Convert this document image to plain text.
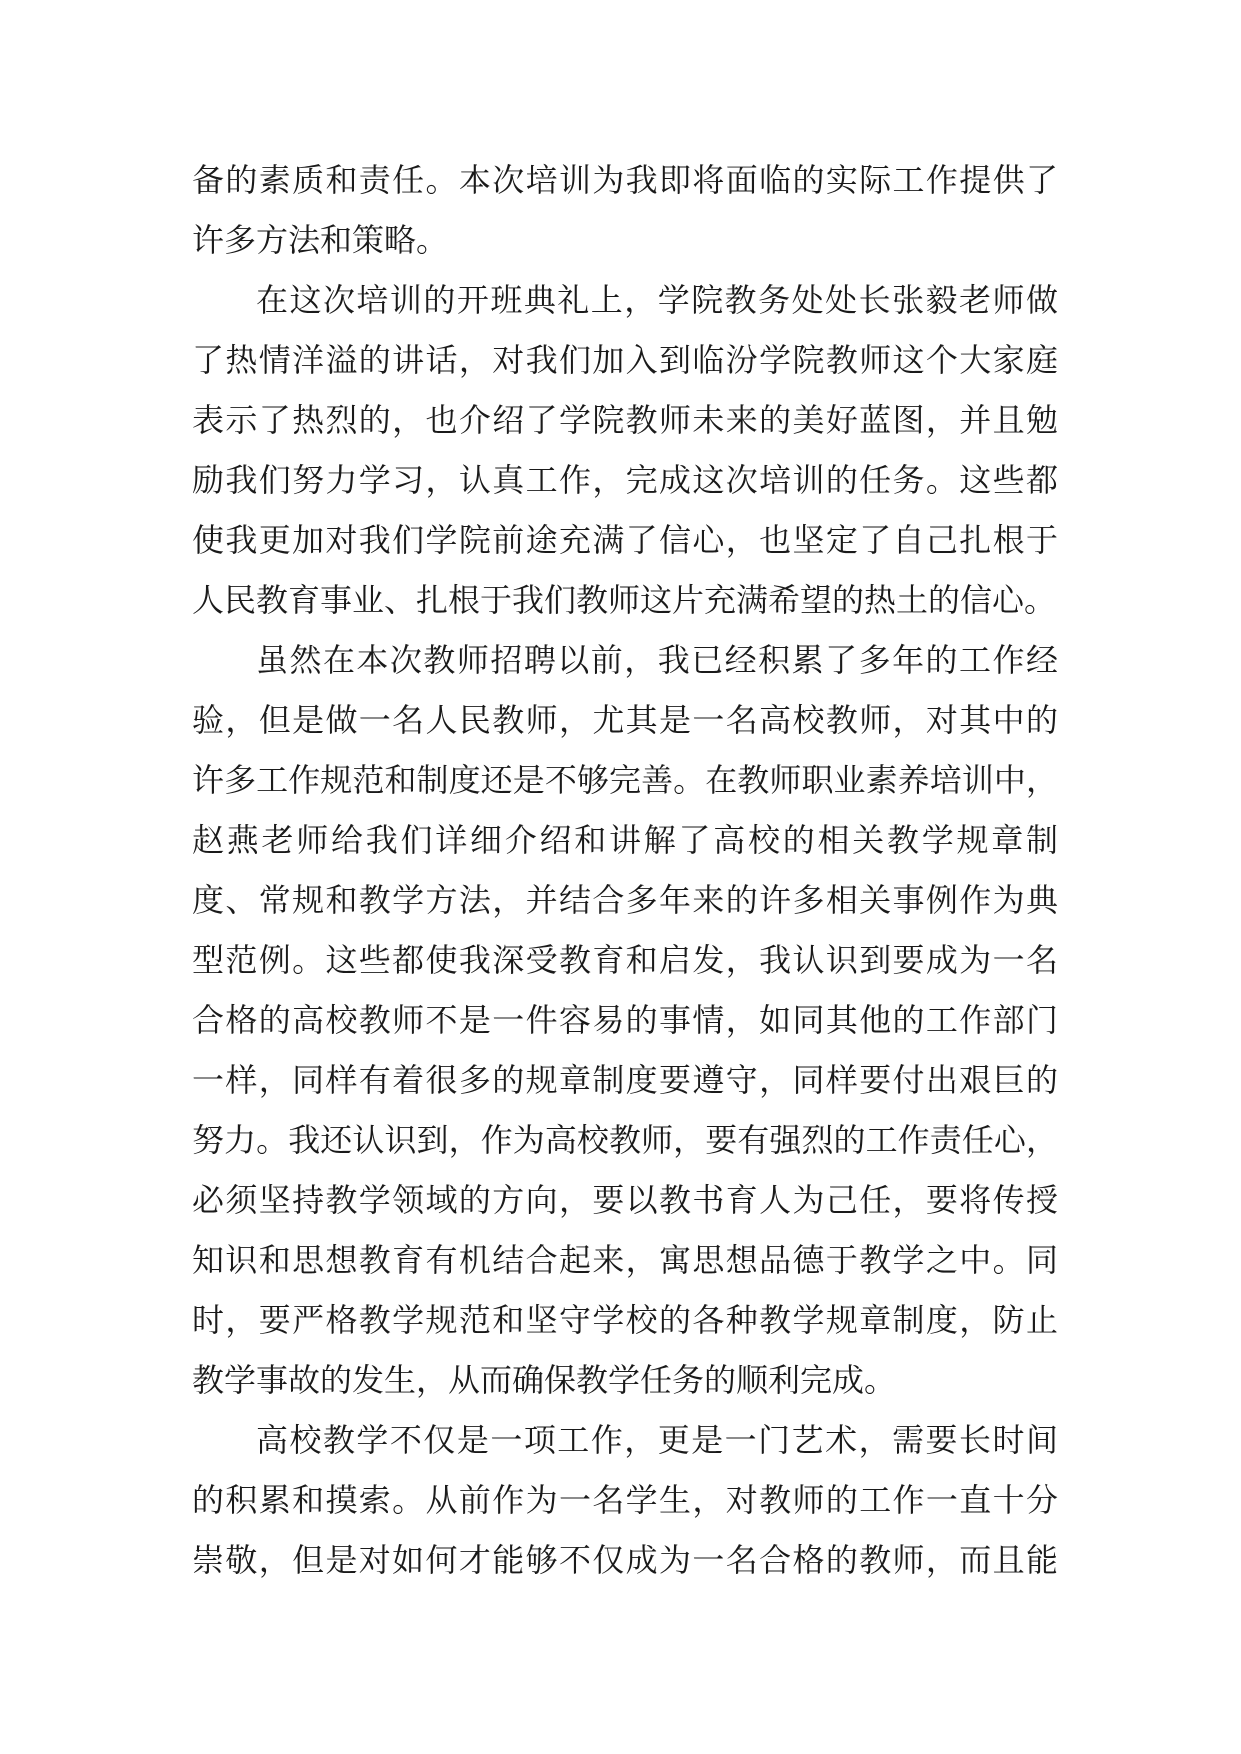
备的素质和责任。本次培训为我即将面临的实际工作提供了
许多方法和策略。
在这次培训的开班典礼上，学院教务处处长张毅老师做
了热情洋溢的讲话，对我们加入到临汾学院教师这个大家庭
表示了热烈的，也介绍了学院教师未来的美好蓝图，并且勉
励我们努力学习，认真工作，完成这次培训的任务。这些都
使我更加对我们学院前途充满了信心，也坚定了自己扎根于
人民教育事业、扎根于我们教师这片充满希望的热土的信心。
虽然在本次教师招聘以前，我已经积累了多年的工作经
验，但是做一名人民教师，尤其是一名高校教师，对其中的
许多工作规范和制度还是不够完善。在教师职业素养培训中，
赵燕老师给我们详细介绍和讲解了高校的相关教学规章制
度、常规和教学方法，并结合多年来的许多相关事例作为典
型范例。这些都使我深受教育和启发，我认识到要成为一名
合格的高校教师不是一件容易的事情，如同其他的工作部门
一样，同样有着很多的规章制度要遵守，同样要付出艰巨的
努力。我还认识到，作为高校教师，要有强烈的工作责任心，
必须坚持教学领域的方向，要以教书育人为己任，要将传授
知识和思想教育有机结合起来，寓思想品德于教学之中。同
时，要严格教学规范和坚守学校的各种教学规章制度，防止
教学事故的发生，从而确保教学任务的顺利完成。
高校教学不仅是一项工作，更是一门艺术，需要长时间
的积累和摸索。从前作为一名学生，对教师的工作一直十分
崇敬，但是对如何才能够不仅成为一名合格的教师，而且能
